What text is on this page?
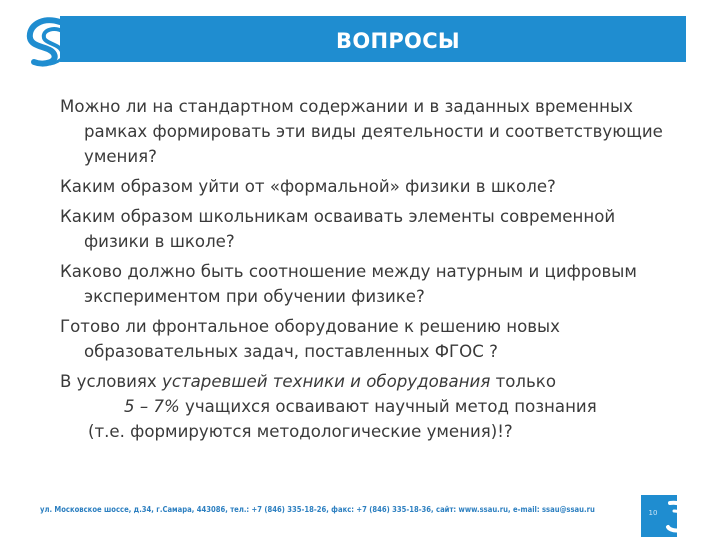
ВОПРОСЫ

Можно ли на стандартном содержании и в заданных временных рамках формировать эти виды деятельности и соответствующие умения?

Каким образом уйти от «формальной» физики в школе?

Каким образом школьникам осваивать элементы современной физики в школе?

Каково должно быть соотношение между натурным и цифровым экспериментом при обучении физике?

Готово ли фронтальное оборудование к решению новых образовательных задач, поставленных ФГОС ?

В условиях устаревшей техники и оборудования только
5 – 7% учащихся осваивают научный метод познания
(т.е. формируются методологические умения)!?

ул. Московское шоссе, д.34, г.Самара, 443086, тел.: +7 (846) 335-18-26, факс: +7 (846) 335-18-36, сайт: www.ssau.ru, e-mail: ssau@ssau.ru	10
